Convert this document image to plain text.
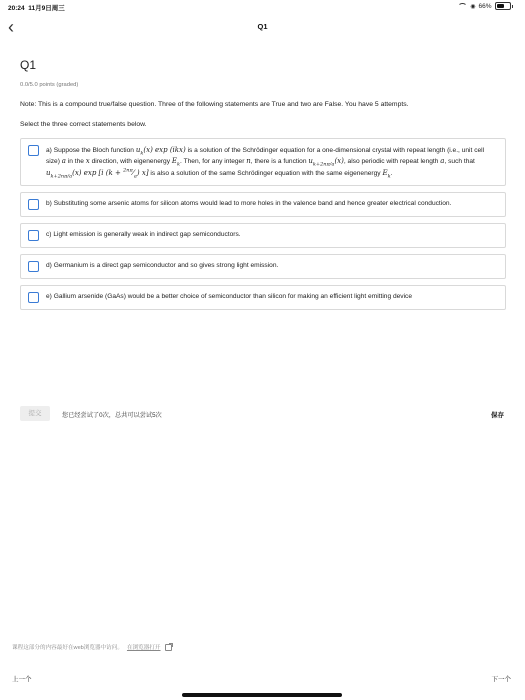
20:24 11月9日周三	◉ 66%
‹	Q1
Q1
0.0/5.0 points (graded)
Note: This is a compound true/false question. Three of the following statements are True and two are False. You have 5 attempts.
Select the three correct statements below.
a) Suppose the Bloch function $u_k(x)$ exp (ikx) is a solution of the Schrödinger equation for a one-dimensional crystal with repeat length (i.e., unit cell size) a in the x direction, with eigenenergy $E_k$. Then, for any integer n, there is a function $u_{k+2n\pi/a}(x)$, also periodic with repeat length a, such that
$u_{k+2n\pi/a}(x)$ exp [i $(k + ^{2n\pi}⁄_a)$ x] is also a solution of the same Schrödinger equation with the same eigenenergy $E_k$.
b) Substituting some arsenic atoms for silicon atoms would lead to more holes in the valence band and hence greater electrical conduction.
c) Light emission is generally weak in indirect gap semiconductors.
d) Germanium is a direct gap semiconductor and so gives strong light emission.
e) Gallium arsenide (GaAs) would be a better choice of semiconductor than silicon for making an efficient light emitting device
提交	您已经尝试了0次，总共可以尝试5次	保存
课程这部分的内容最好在web浏览器中访问。 在浏览器打开
上一个	下一个
